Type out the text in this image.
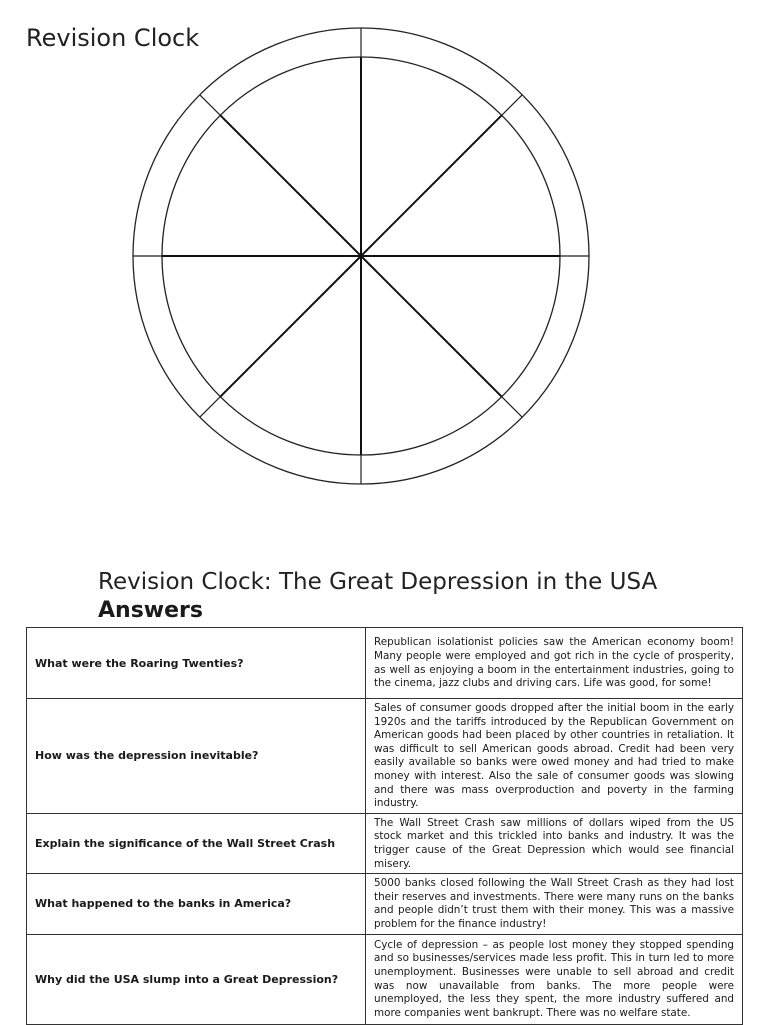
Revision Clock
Revision Clock: The Great Depression in the USA
Answers
What were the Roaring Twenties?	Republican isolationist policies saw the American economy boom! Many people were employed and got rich in the cycle of prosperity, as well as enjoying a boom in the entertainment industries, going to the cinema, jazz clubs and driving cars. Life was good, for some!
How was the depression inevitable?	Sales of consumer goods dropped after the initial boom in the early 1920s and the tariffs introduced by the Republican Government on American goods had been placed by other countries in retaliation. It was difficult to sell American goods abroad. Credit had been very easily available so banks were owed money and had tried to make money with interest. Also the sale of consumer goods was slowing and there was mass overproduction and poverty in the farming industry.
Explain the significance of the Wall Street Crash	The Wall Street Crash saw millions of dollars wiped from the US stock market and this trickled into banks and industry. It was the trigger cause of the Great Depression which would see financial misery.
What happened to the banks in America?	5000 banks closed following the Wall Street Crash as they had lost their reserves and investments. There were many runs on the banks and people didn’t trust them with their money. This was a massive problem for the finance industry!
Why did the USA slump into a Great Depression?	Cycle of depression – as people lost money they stopped spending and so businesses/services made less profit. This in turn led to more unemployment. Businesses were unable to sell abroad and credit was now unavailable from banks. The more people were unemployed, the less they spent, the more industry suffered and more companies went bankrupt. There was no welfare state.
